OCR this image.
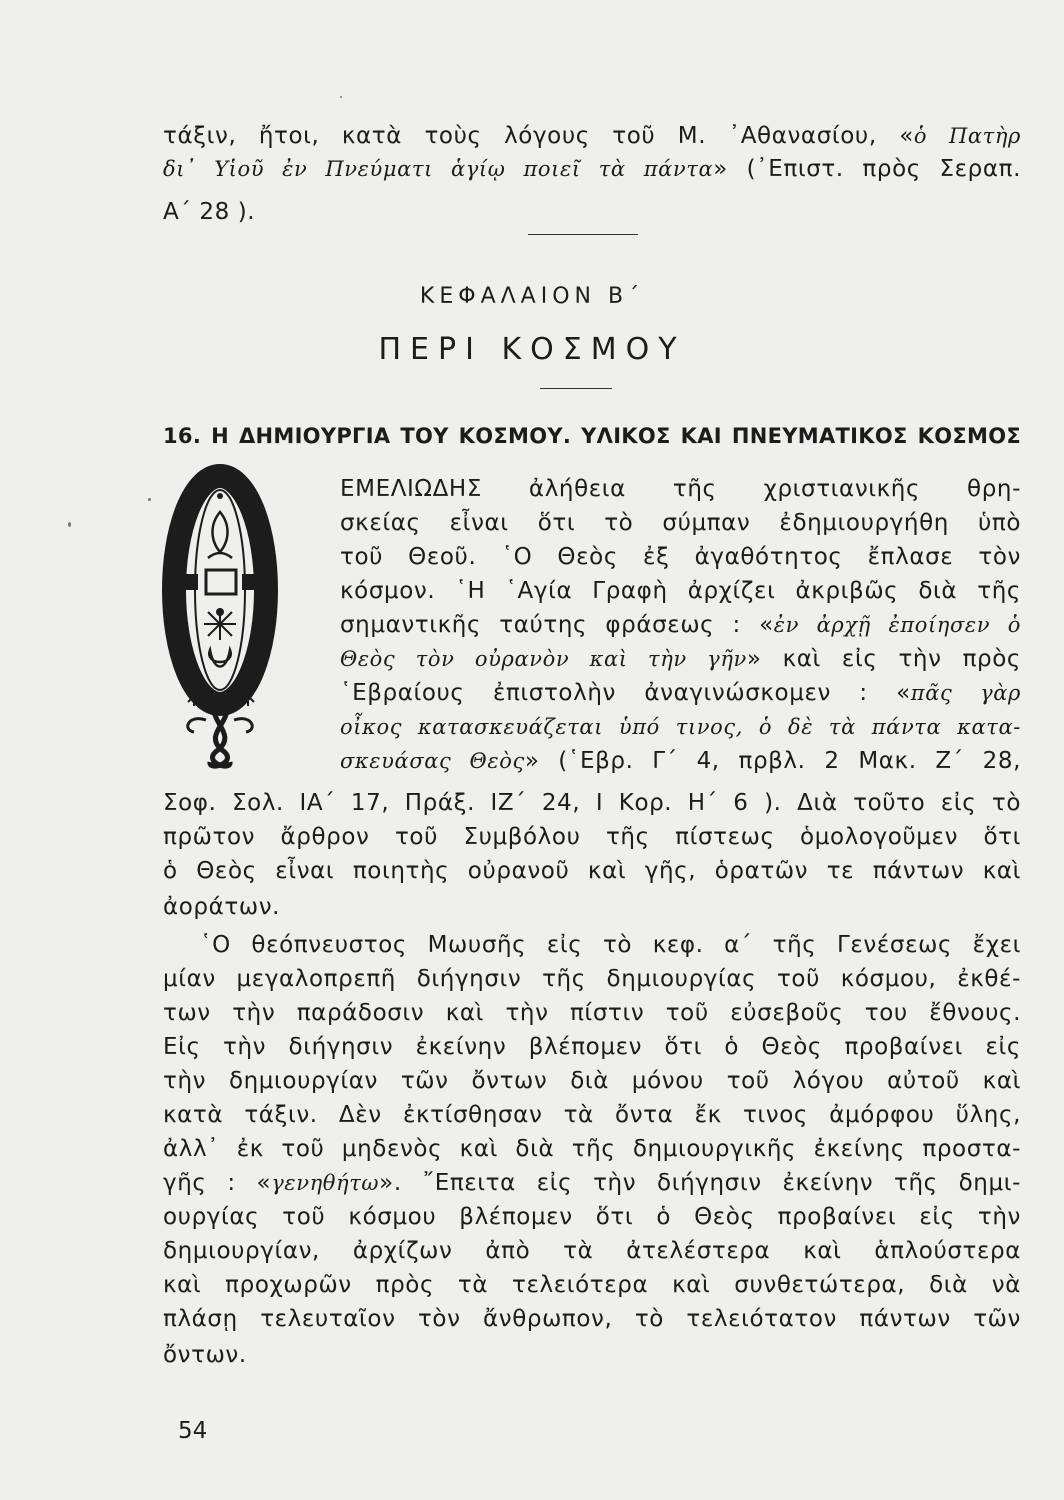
τάξιν, ἤτοι, κατὰ τοὺς λόγους τοῦ Μ. ᾿Αθανασίου, «ὁ Πατὴρ
δι᾿ Υἱοῦ ἐν Πνεύματι ἁγίῳ ποιεῖ τὰ πάντα» (᾿Επιστ. πρὸς Σεραπ.
Α΄ 28 ).
ΚΕΦΑΛΑΙΟΝ Β΄
ΠΕΡΙ ΚΟΣΜΟΥ
16. Η ΔΗΜΙΟΥΡΓΙΑ ΤΟΥ ΚΟΣΜΟΥ. ΥΛΙΚΟΣ ΚΑΙ ΠΝΕΥΜΑΤΙΚΟΣ ΚΟΣΜΟΣ
ΕΜΕΛΙΩΔΗΣ ἀλήθεια τῆς χριστιανικῆς θρη-
σκείας εἶναι ὅτι τὸ σύμπαν ἐδημιουργήθη ὑπὸ
τοῦ Θεοῦ. ῾Ο Θεὸς ἐξ ἀγαθότητος ἔπλασε τὸν
κόσμον. ῾Η ῾Αγία Γραφὴ ἀρχίζει ἀκριβῶς διὰ τῆς
σημαντικῆς ταύτης φράσεως : «ἐν ἀρχῇ ἐποίησεν ὁ
Θεὸς τὸν οὐρανὸν καὶ τὴν γῆν» καὶ εἰς τὴν πρὸς
῾Εβραίους ἐπιστολὴν ἀναγινώσκομεν : «πᾶς γὰρ
οἶκος κατασκευάζεται ὑπό τινος, ὁ δὲ τὰ πάντα κατα-
σκευάσας Θεὸς» (῾Εβρ. Γ΄ 4, πρβλ. 2 Μακ. Ζ΄ 28,
Σοφ. Σολ. ΙΑ΄ 17, Πράξ. ΙΖ΄ 24, Ι Κορ. Η΄ 6 ). Διὰ τοῦτο εἰς τὸ
πρῶτον ἄρθρον τοῦ Συμβόλου τῆς πίστεως ὁμολογοῦμεν ὅτι
ὁ Θεὸς εἶναι ποιητὴς οὐρανοῦ καὶ γῆς, ὁρατῶν τε πάντων καὶ
ἀοράτων.
῾Ο θεόπνευστος Μωυσῆς εἰς τὸ κεφ. α΄ τῆς Γενέσεως ἔχει
μίαν μεγαλοπρεπῆ διήγησιν τῆς δημιουργίας τοῦ κόσμου, ἐκθέ-
των τὴν παράδοσιν καὶ τὴν πίστιν τοῦ εὐσεβοῦς του ἔθνους.
Εἰς τὴν διήγησιν ἐκείνην βλέπομεν ὅτι ὁ Θεὸς προβαίνει εἰς
τὴν δημιουργίαν τῶν ὄντων διὰ μόνου τοῦ λόγου αὐτοῦ καὶ
κατὰ τάξιν. Δὲν ἐκτίσθησαν τὰ ὄντα ἔκ τινος ἀμόρφου ὕλης,
ἀλλ᾿ ἐκ τοῦ μηδενὸς καὶ διὰ τῆς δημιουργικῆς ἐκείνης προστα-
γῆς : «γενηθήτω». ῎Επειτα εἰς τὴν διήγησιν ἐκείνην τῆς δημι-
ουργίας τοῦ κόσμου βλέπομεν ὅτι ὁ Θεὸς προβαίνει εἰς τὴν
δημιουργίαν, ἀρχίζων ἀπὸ τὰ ἀτελέστερα καὶ ἁπλούστερα
καὶ προχωρῶν πρὸς τὰ τελειότερα καὶ συνθετώτερα, διὰ νὰ
πλάσῃ τελευταῖον τὸν ἄνθρωπον, τὸ τελειότατον πάντων τῶν
ὄντων.
54
